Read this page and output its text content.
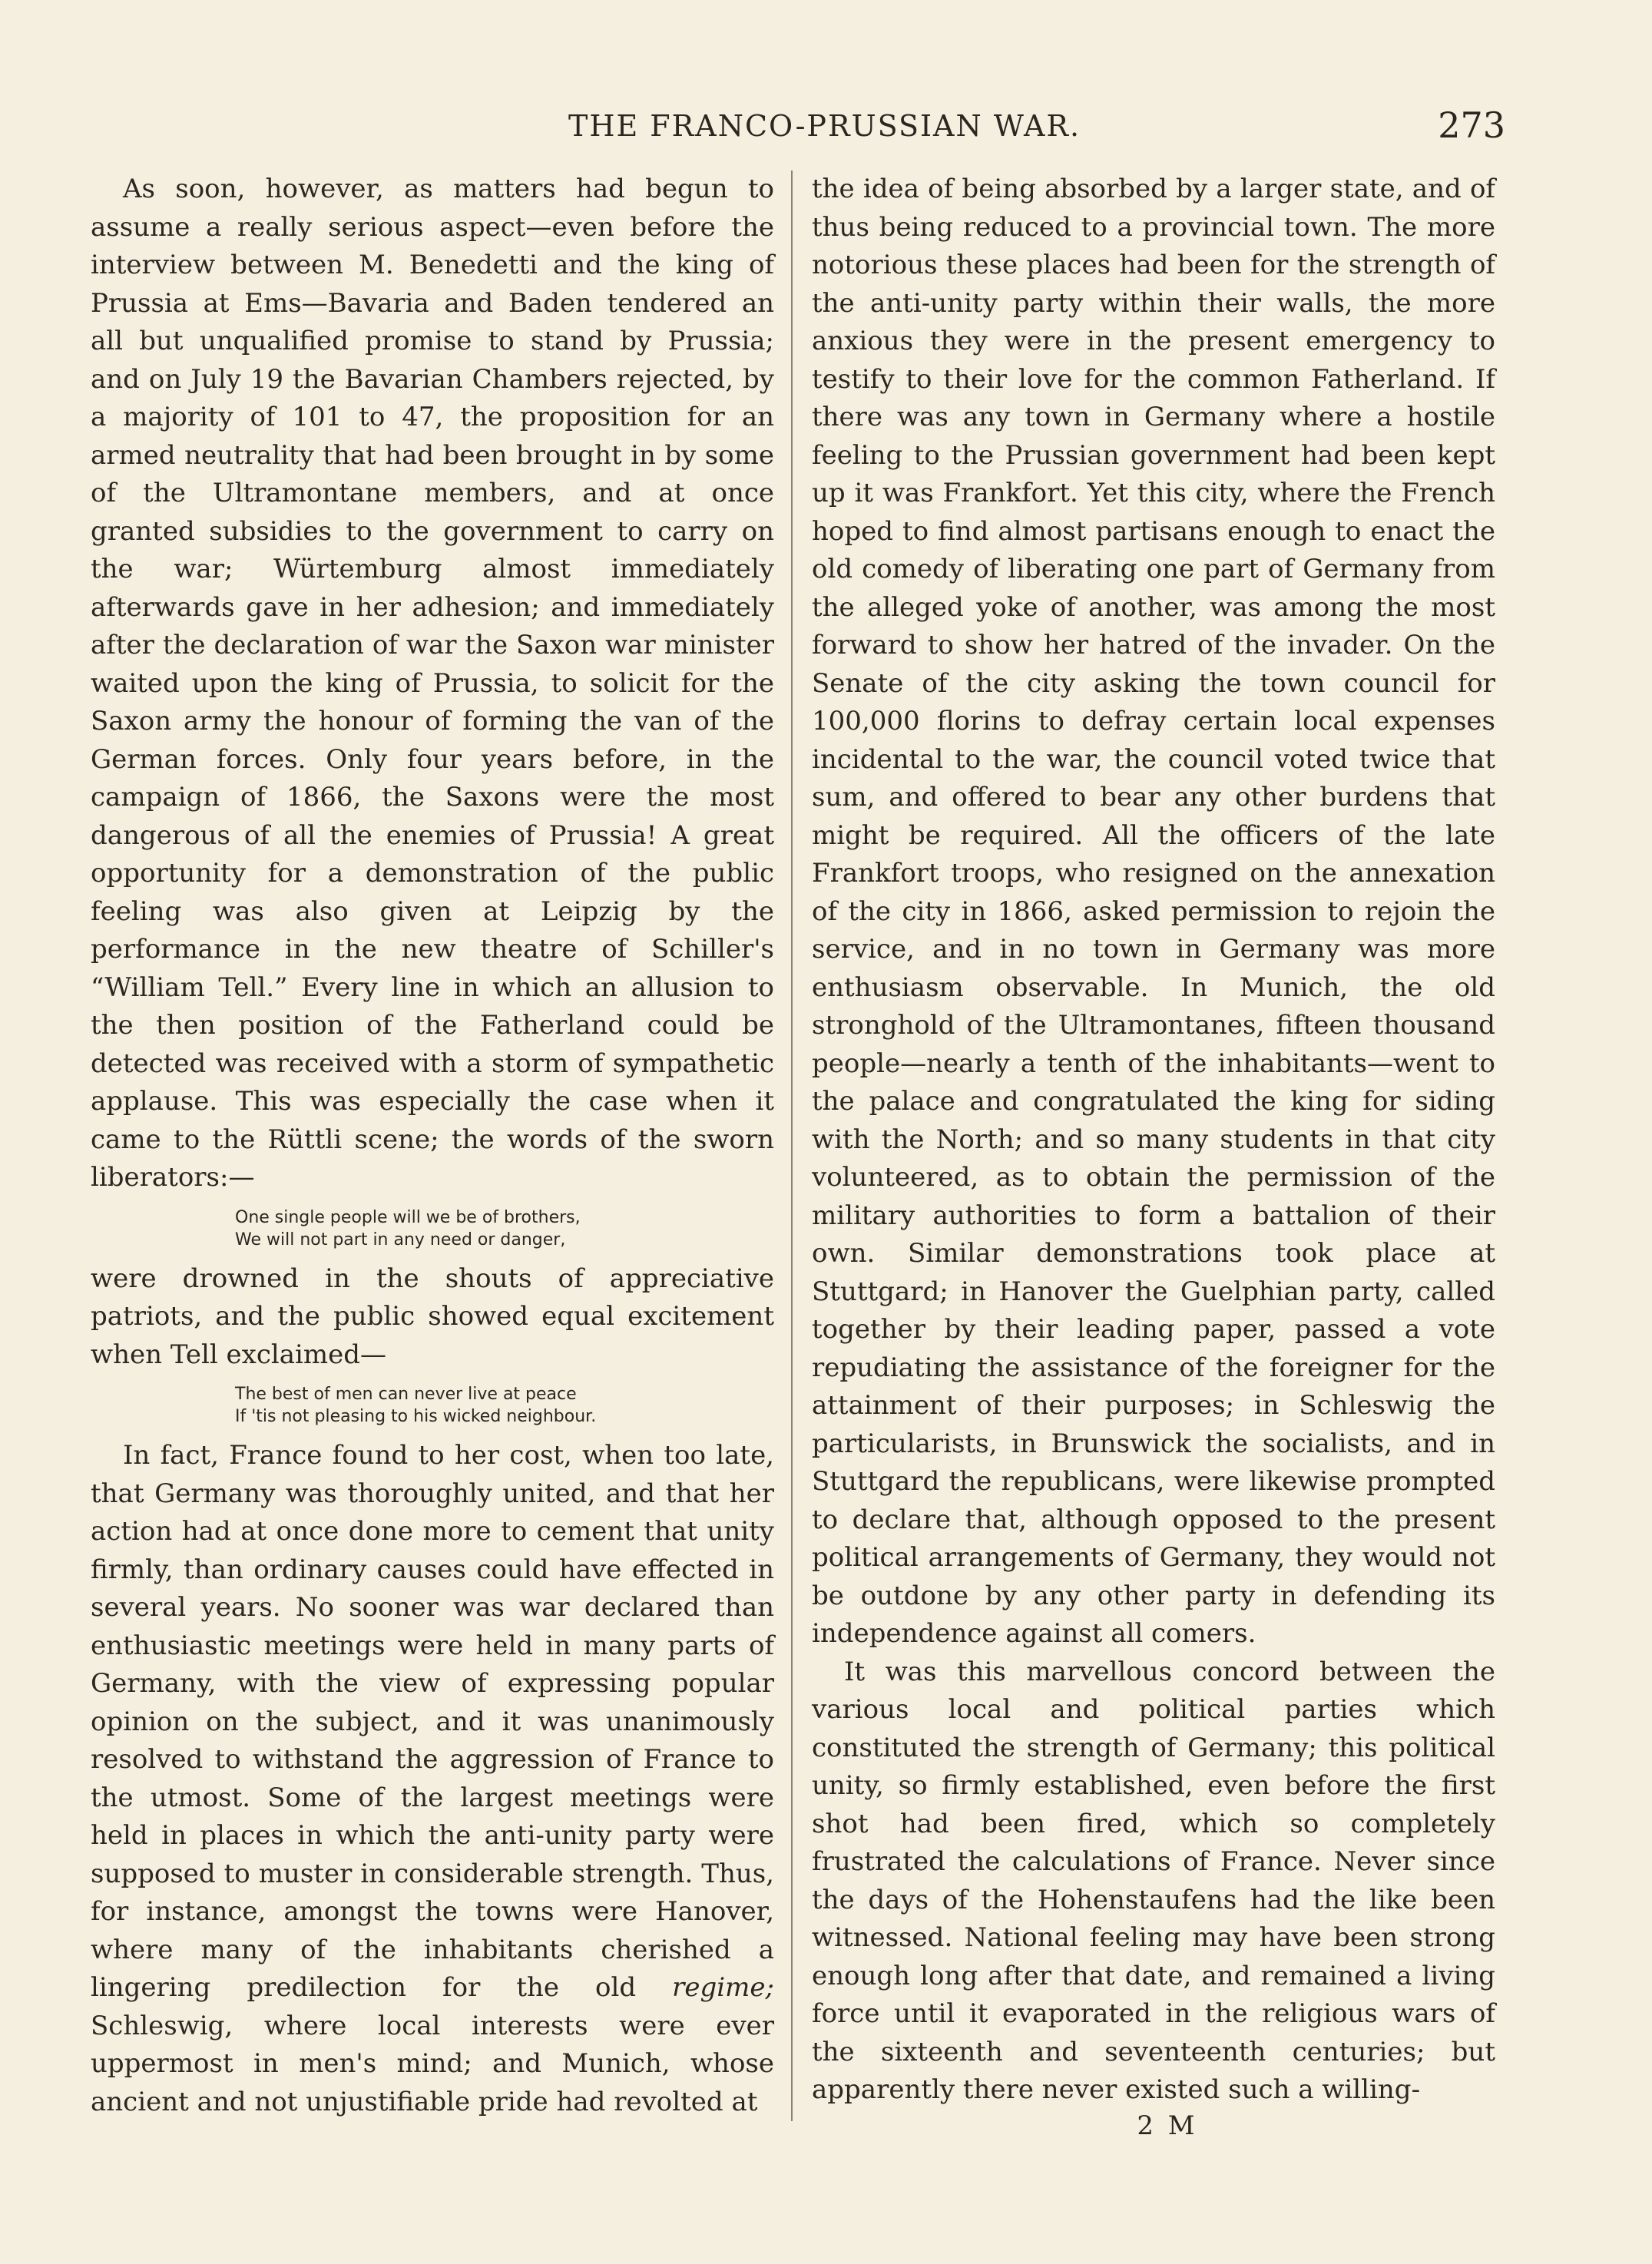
THE FRANCO-PRUSSIAN WAR.	273

As soon, however, as matters had begun to assume a really serious aspect—even before the interview between M. Benedetti and the king of Prussia at Ems—Bavaria and Baden tendered an all but unqualified promise to stand by Prussia; and on July 19 the Bavarian Chambers rejected, by a majority of 101 to 47, the proposition for an armed neutrality that had been brought in by some of the Ultramontane members, and at once granted subsidies to the government to carry on the war; Würtemburg almost immediately afterwards gave in her adhesion; and immediately after the declaration of war the Saxon war minister waited upon the king of Prussia, to solicit for the Saxon army the honour of forming the van of the German forces. Only four years before, in the campaign of 1866, the Saxons were the most dangerous of all the enemies of Prussia! A great opportunity for a demonstration of the public feeling was also given at Leipzig by the performance in the new theatre of Schiller's “William Tell.” Every line in which an allusion to the then position of the Fatherland could be detected was received with a storm of sympathetic applause. This was especially the case when it came to the Rüttli scene; the words of the sworn liberators:—

One single people will we be of brothers,
We will not part in any need or danger,

were drowned in the shouts of appreciative patriots, and the public showed equal excitement when Tell exclaimed—

The best of men can never live at peace
If 'tis not pleasing to his wicked neighbour.

In fact, France found to her cost, when too late, that Germany was thoroughly united, and that her action had at once done more to cement that unity firmly, than ordinary causes could have effected in several years. No sooner was war declared than enthusiastic meetings were held in many parts of Germany, with the view of expressing popular opinion on the subject, and it was unanimously resolved to withstand the aggression of France to the utmost. Some of the largest meetings were held in places in which the anti-unity party were supposed to muster in considerable strength. Thus, for instance, amongst the towns were Hanover, where many of the inhabitants cherished a lingering predilection for the old regime; Schleswig, where local interests were ever uppermost in men's mind; and Munich, whose ancient and not unjustifiable pride had revolted at

the idea of being absorbed by a larger state, and of thus being reduced to a provincial town. The more notorious these places had been for the strength of the anti-unity party within their walls, the more anxious they were in the present emergency to testify to their love for the common Fatherland. If there was any town in Germany where a hostile feeling to the Prussian government had been kept up it was Frankfort. Yet this city, where the French hoped to find almost partisans enough to enact the old comedy of liberating one part of Germany from the alleged yoke of another, was among the most forward to show her hatred of the invader. On the Senate of the city asking the town council for 100,000 florins to defray certain local expenses incidental to the war, the council voted twice that sum, and offered to bear any other burdens that might be required. All the officers of the late Frankfort troops, who resigned on the annexation of the city in 1866, asked permission to rejoin the service, and in no town in Germany was more enthusiasm observable. In Munich, the old stronghold of the Ultramontanes, fifteen thousand people—nearly a tenth of the inhabitants—went to the palace and congratulated the king for siding with the North; and so many students in that city volunteered, as to obtain the permission of the military authorities to form a battalion of their own. Similar demonstrations took place at Stuttgard; in Hanover the Guelphian party, called together by their leading paper, passed a vote repudiating the assistance of the foreigner for the attainment of their purposes; in Schleswig the particularists, in Brunswick the socialists, and in Stuttgard the republicans, were likewise prompted to declare that, although opposed to the present political arrangements of Germany, they would not be outdone by any other party in defending its independence against all comers.

It was this marvellous concord between the various local and political parties which constituted the strength of Germany; this political unity, so firmly established, even before the first shot had been fired, which so completely frustrated the calculations of France. Never since the days of the Hohenstaufens had the like been witnessed. National feeling may have been strong enough long after that date, and remained a living force until it evaporated in the religious wars of the sixteenth and seventeenth centuries; but apparently there never existed such a willing-

2 M
